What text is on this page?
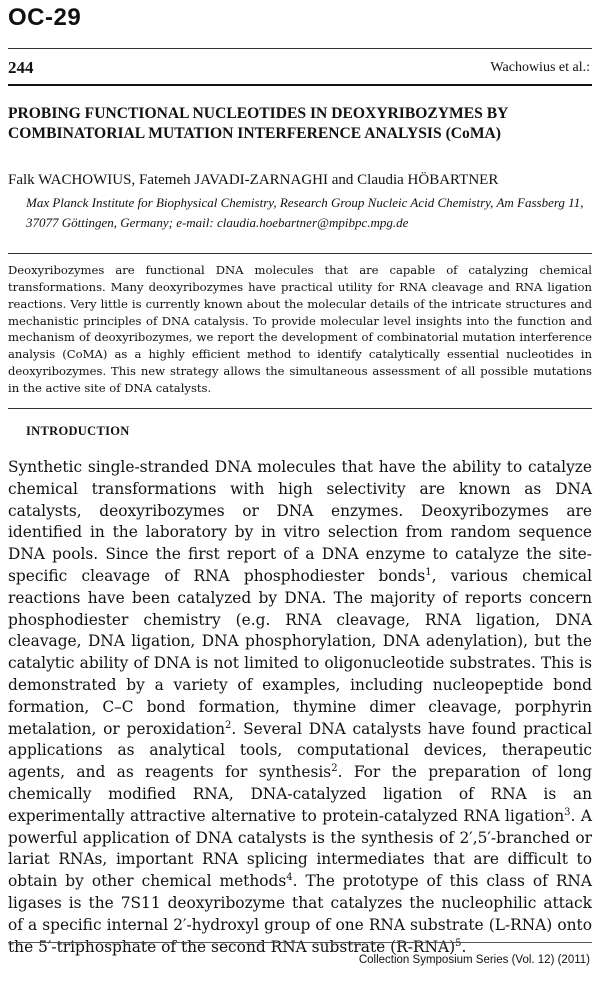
OC-29
244	Wachowius et al.:
PROBING FUNCTIONAL NUCLEOTIDES IN DEOXYRIBOZYMES BY COMBINATORIAL MUTATION INTERFERENCE ANALYSIS (CoMA)
Falk WACHOWIUS, Fatemeh JAVADI-ZARNAGHI and Claudia HÖBARTNER
Max Planck Institute for Biophysical Chemistry, Research Group Nucleic Acid Chemistry, Am Fassberg 11, 37077 Göttingen, Germany; e-mail: claudia.hoebartner@mpibpc.mpg.de
Deoxyribozymes are functional DNA molecules that are capable of catalyzing chemical transformations. Many deoxyribozymes have practical utility for RNA cleavage and RNA ligation reactions. Very little is currently known about the molecular details of the intricate structures and mechanistic principles of DNA catalysis. To provide molecular level insights into the function and mechanism of deoxyribozymes, we report the development of combinatorial mutation interference analysis (CoMA) as a highly efficient method to identify catalytically essential nucleotides in deoxyribozymes. This new strategy allows the simultaneous assessment of all possible mutations in the active site of DNA catalysts.
INTRODUCTION
Synthetic single-stranded DNA molecules that have the ability to catalyze chemical transformations with high selectivity are known as DNA catalysts, deoxyribozymes or DNA enzymes. Deoxyribozymes are identified in the laboratory by in vitro selection from random sequence DNA pools. Since the first report of a DNA enzyme to catalyze the site-specific cleavage of RNA phosphodiester bonds$^1$, various chemical reactions have been catalyzed by DNA. The majority of reports concern phosphodiester chemistry (e.g. RNA cleavage, RNA ligation, DNA cleavage, DNA ligation, DNA phosphorylation, DNA adenylation), but the catalytic ability of DNA is not limited to oligonucleotide substrates. This is demonstrated by a variety of examples, including nucleopeptide bond formation, C–C bond formation, thymine dimer cleavage, porphyrin metalation, or peroxidation$^2$. Several DNA catalysts have found practical applications as analytical tools, computational devices, therapeutic agents, and as reagents for synthesis$^2$. For the preparation of long chemically modified RNA, DNA-catalyzed ligation of RNA is an experimentally attractive alternative to protein-catalyzed RNA ligation$^3$. A powerful application of DNA catalysts is the synthesis of 2′,5′-branched or lariat RNAs, important RNA splicing intermediates that are difficult to obtain by other chemical methods$^4$. The prototype of this class of RNA ligases is the 7S11 deoxyribozyme that catalyzes the nucleophilic attack of a specific internal 2′-hydroxyl group of one RNA substrate (L-RNA) onto the 5′-triphosphate of the second RNA substrate $(R-RNA)^5$.
Collection Symposium Series (Vol. 12) (2011)
